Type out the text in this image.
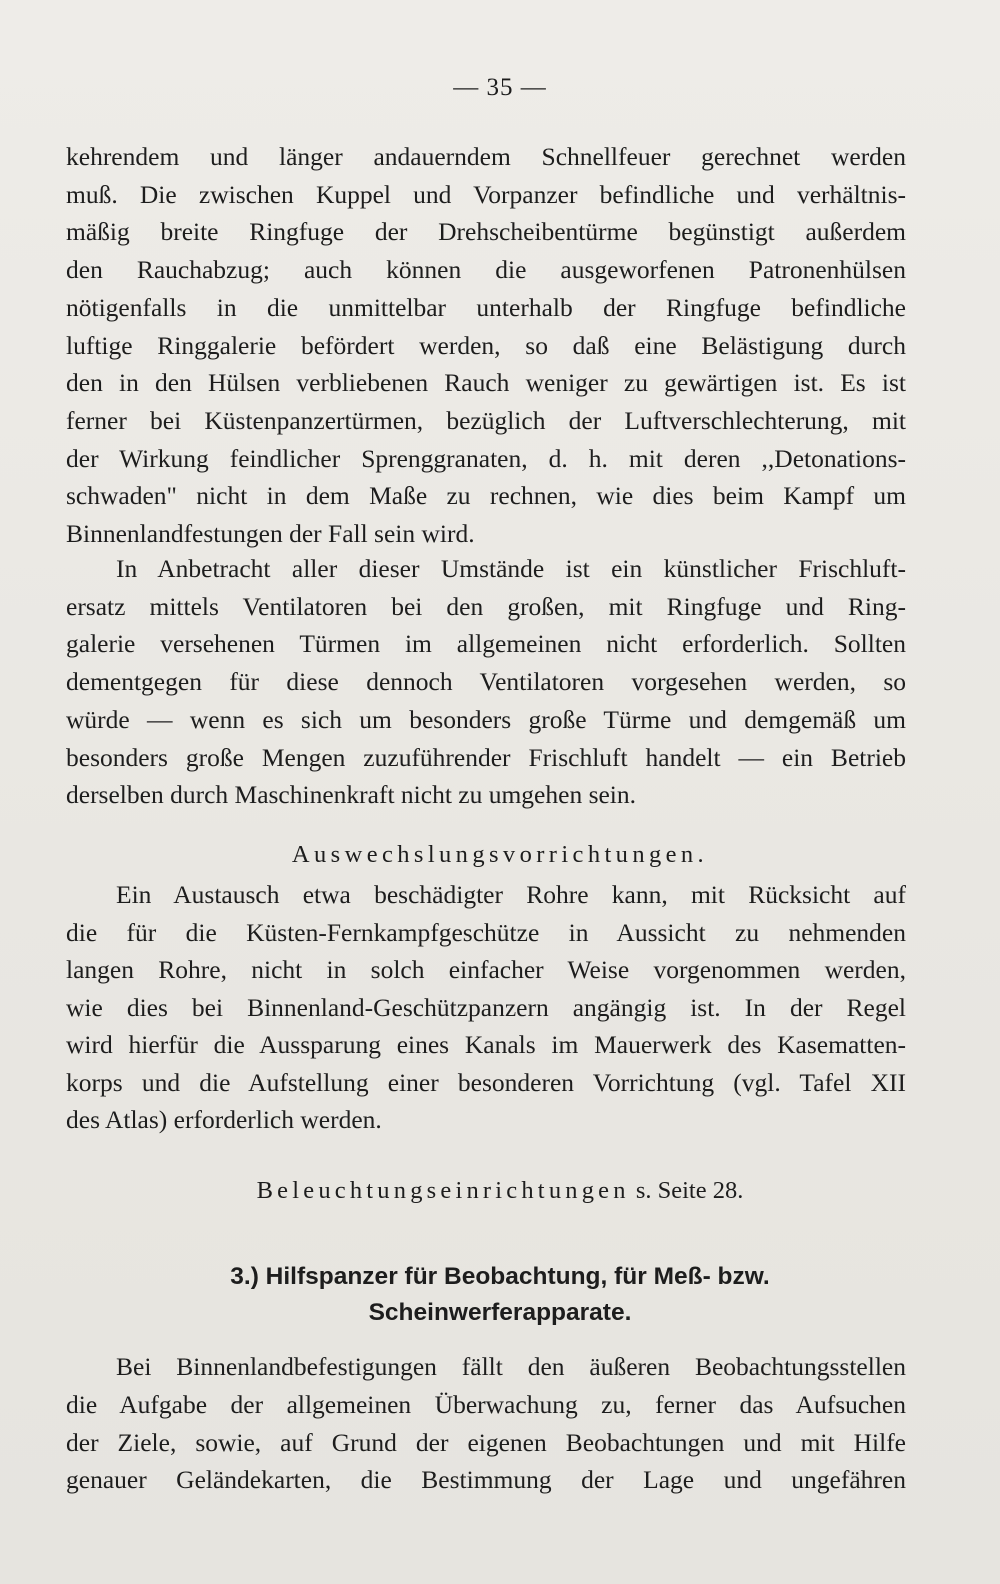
— 35 —

kehrendem und länger andauerndem Schnellfeuer gerechnet werden

muß. Die zwischen Kuppel und Vorpanzer befindliche und verhältnis-

mäßig breite Ringfuge der Drehscheibentürme begünstigt außerdem

den Rauchabzug; auch können die ausgeworfenen Patronenhülsen

nötigenfalls in die unmittelbar unterhalb der Ringfuge befindliche

luftige Ringgalerie befördert werden, so daß eine Belästigung durch

den in den Hülsen verbliebenen Rauch weniger zu gewärtigen ist. Es ist

ferner bei Küstenpanzertürmen, bezüglich der Luftverschlechterung, mit

der Wirkung feindlicher Sprenggranaten, d. h. mit deren ,,Detonations-

schwaden" nicht in dem Maße zu rechnen, wie dies beim Kampf um

Binnenlandfestungen der Fall sein wird.

In Anbetracht aller dieser Umstände ist ein künstlicher Frischluft-

ersatz mittels Ventilatoren bei den großen, mit Ringfuge und Ring-

galerie versehenen Türmen im allgemeinen nicht erforderlich. Sollten

dementgegen für diese dennoch Ventilatoren vorgesehen werden, so

würde — wenn es sich um besonders große Türme und demgemäß um

besonders große Mengen zuzuführender Frischluft handelt — ein Betrieb

derselben durch Maschinenkraft nicht zu umgehen sein.

Auswechslungsvorrichtungen.

Ein Austausch etwa beschädigter Rohre kann, mit Rücksicht auf

die für die Küsten-Fernkampfgeschütze in Aussicht zu nehmenden

langen Rohre, nicht in solch einfacher Weise vorgenommen werden,

wie dies bei Binnenland-Geschützpanzern angängig ist. In der Regel

wird hierfür die Aussparung eines Kanals im Mauerwerk des Kasematten-

korps und die Aufstellung einer besonderen Vorrichtung (vgl. Tafel XII

des Atlas) erforderlich werden.

Beleuchtungseinrichtungen s. Seite 28.
3.) Hilfspanzer für Beobachtung, für Meß- bzw.
Scheinwerferapparate.

Bei Binnenlandbefestigungen fällt den äußeren Beobachtungsstellen

die Aufgabe der allgemeinen Überwachung zu, ferner das Aufsuchen

der Ziele, sowie, auf Grund der eigenen Beobachtungen und mit Hilfe

genauer Geländekarten, die Bestimmung der Lage und ungefähren
